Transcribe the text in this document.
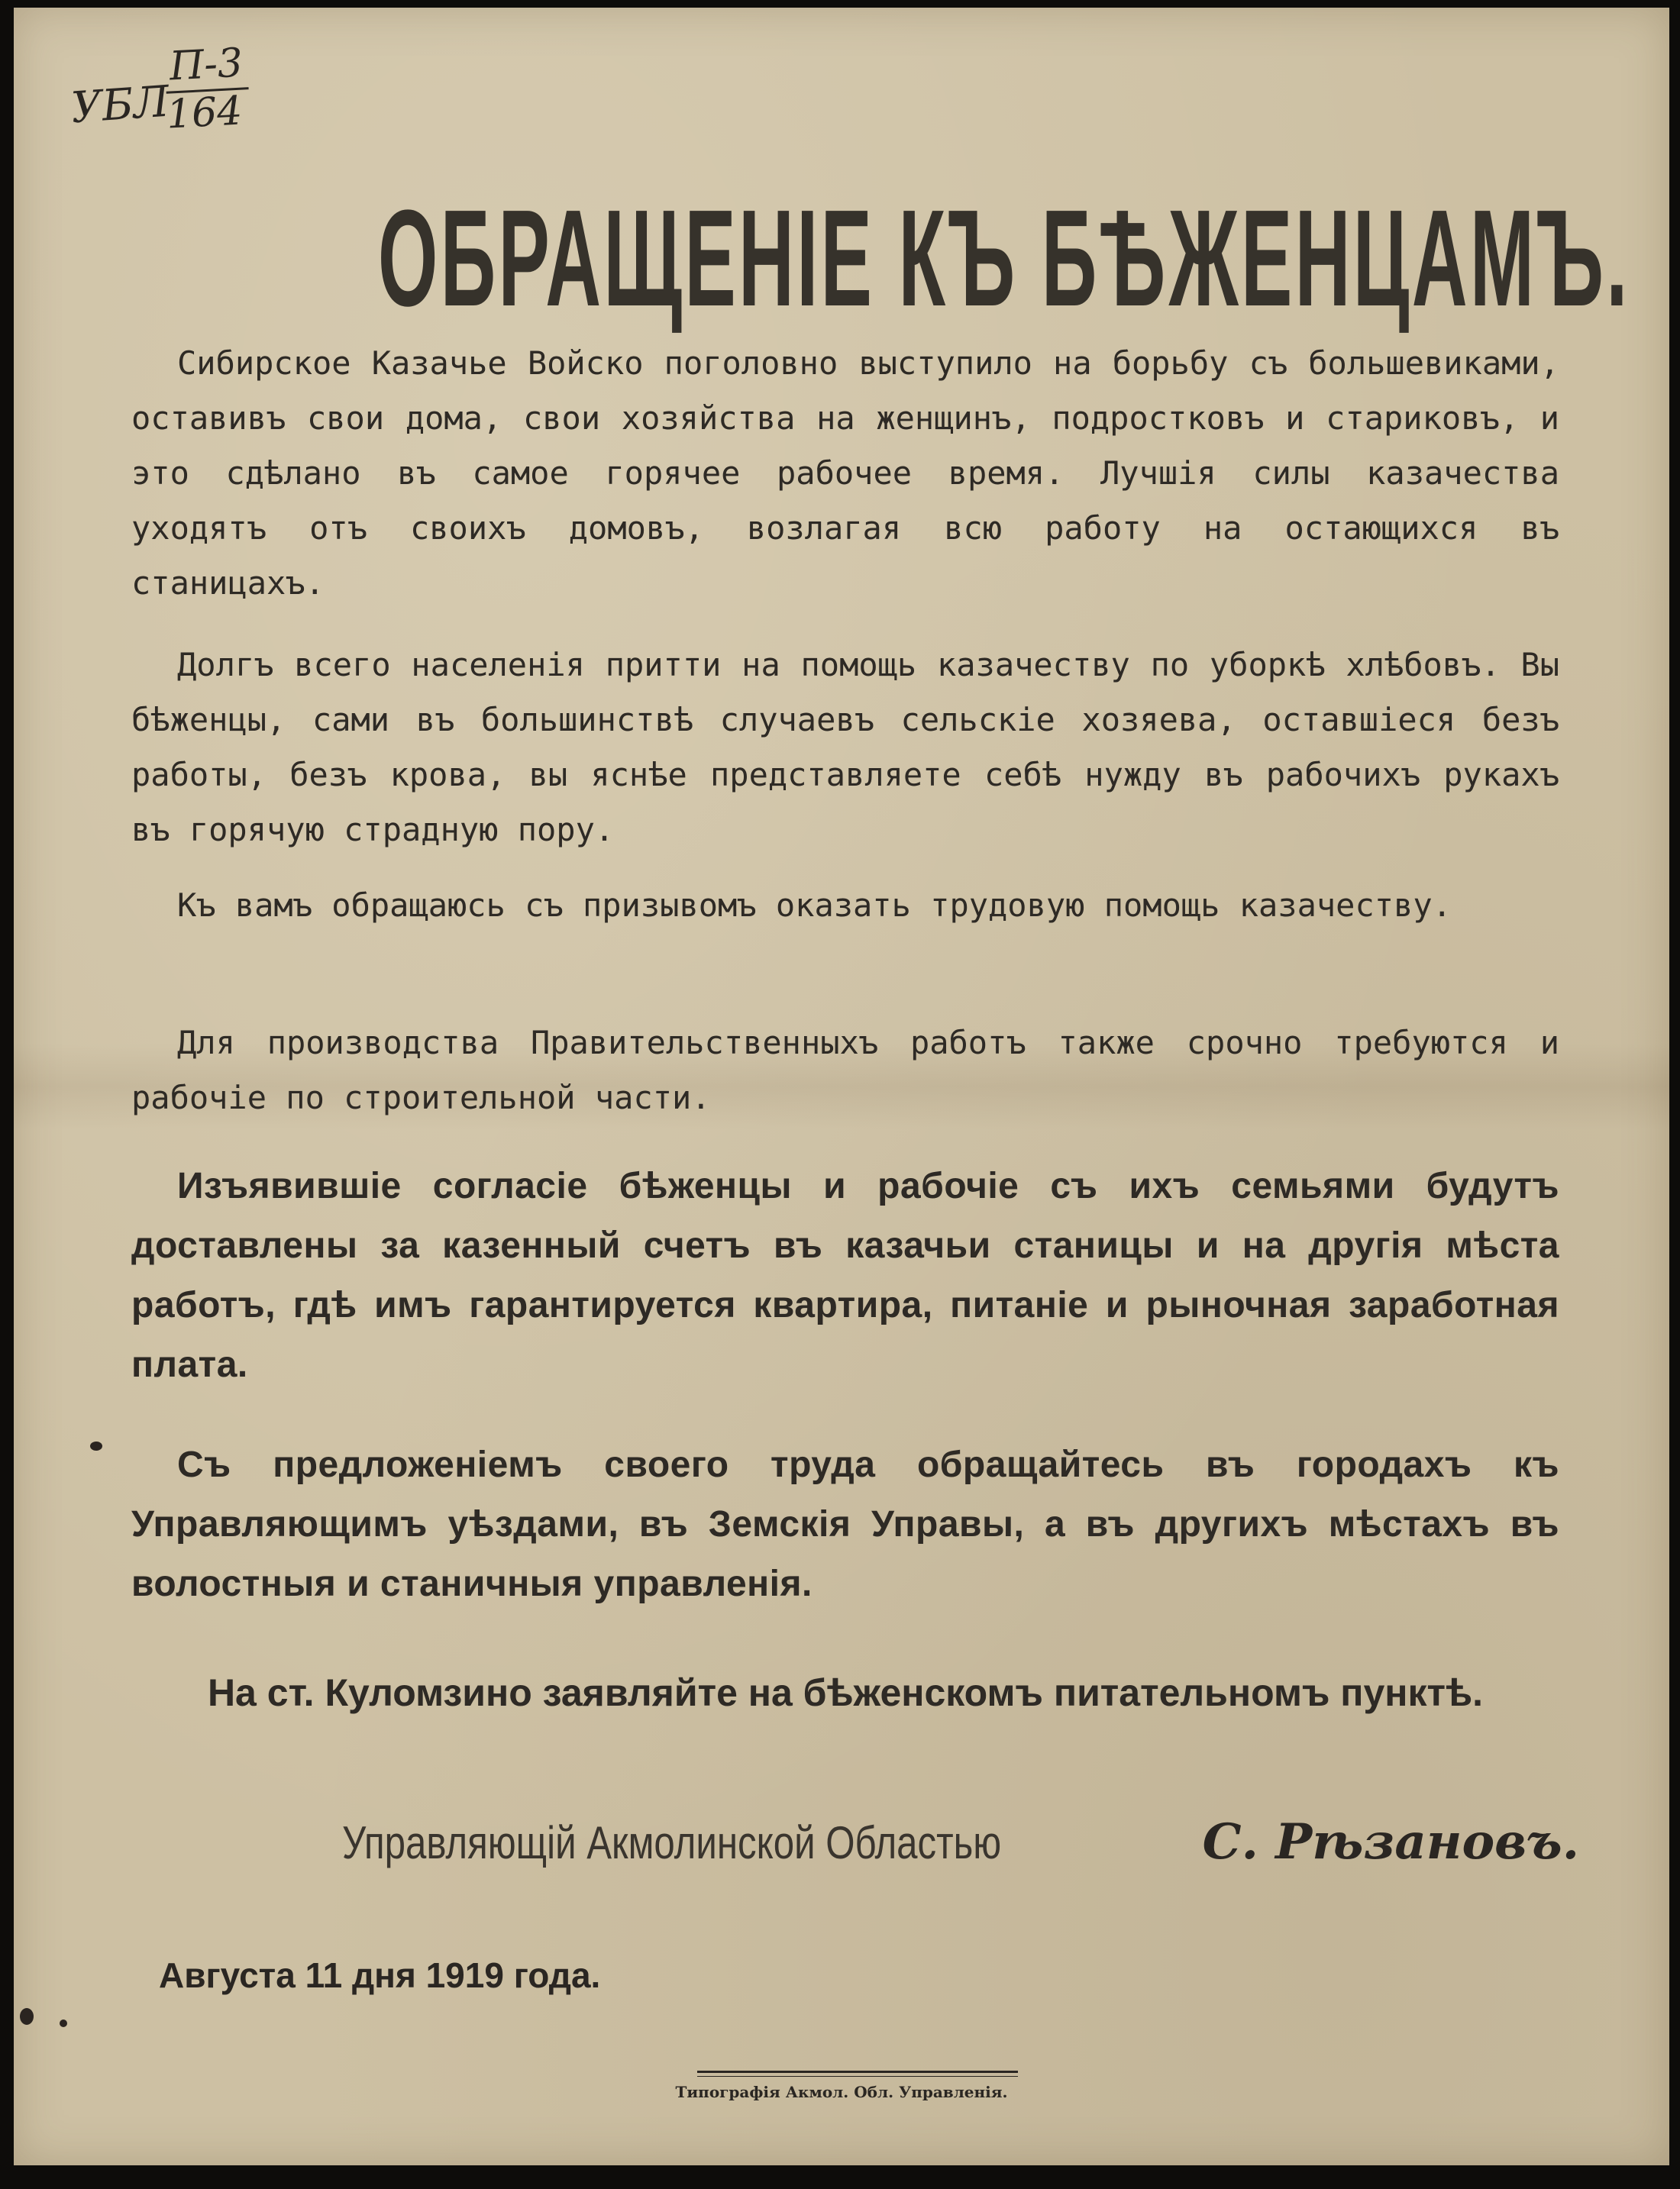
УБЛ
П-3
164
ОБРАЩЕНІЕ КЪ БѢЖЕНЦАМЪ.

Сибирское Казачье Войско поголовно выступило на борьбу съ большевиками, оставивъ свои дома, свои хозяйства на женщинъ, подростковъ и стариковъ, и это сдѣлано въ самое горячее рабочее время. Лучшія силы казачества уходятъ отъ своихъ домовъ, возлагая всю работу на остающихся въ станицахъ.

Долгъ всего населенія притти на помощь казачеству по уборкѣ хлѣбовъ. Вы бѣженцы, сами въ большинствѣ случаевъ сельскіе хозяева, оставшіеся безъ работы, безъ крова, вы яснѣе представляете себѣ нужду въ рабочихъ рукахъ въ горячую страдную пору.

Къ вамъ обращаюсь съ призывомъ оказать трудовую помощь казачеству.

Для производства Правительственныхъ работъ также срочно требуются и рабочіе по строительной части.

Изъявившіе согласіе бѣженцы и рабочіе съ ихъ семьями будутъ доставлены за казенный счетъ въ казачьи станицы и на другія мѣста работъ, гдѣ имъ гарантируется квартира, питаніе и рыночная заработная плата.

Съ предложеніемъ своего труда обращайтесь въ городахъ къ Управляющимъ уѣздами, въ Земскія Управы, а въ другихъ мѣстахъ въ волостныя и станичныя управленія.

На ст. Куломзино заявляйте на бѣженскомъ питательномъ пунктѣ.
Управляющій Акмолинской Областью	С. Рѣзановъ.
Августа 11 дня 1919 года.
Типографія Акмол. Обл. Управленія.
